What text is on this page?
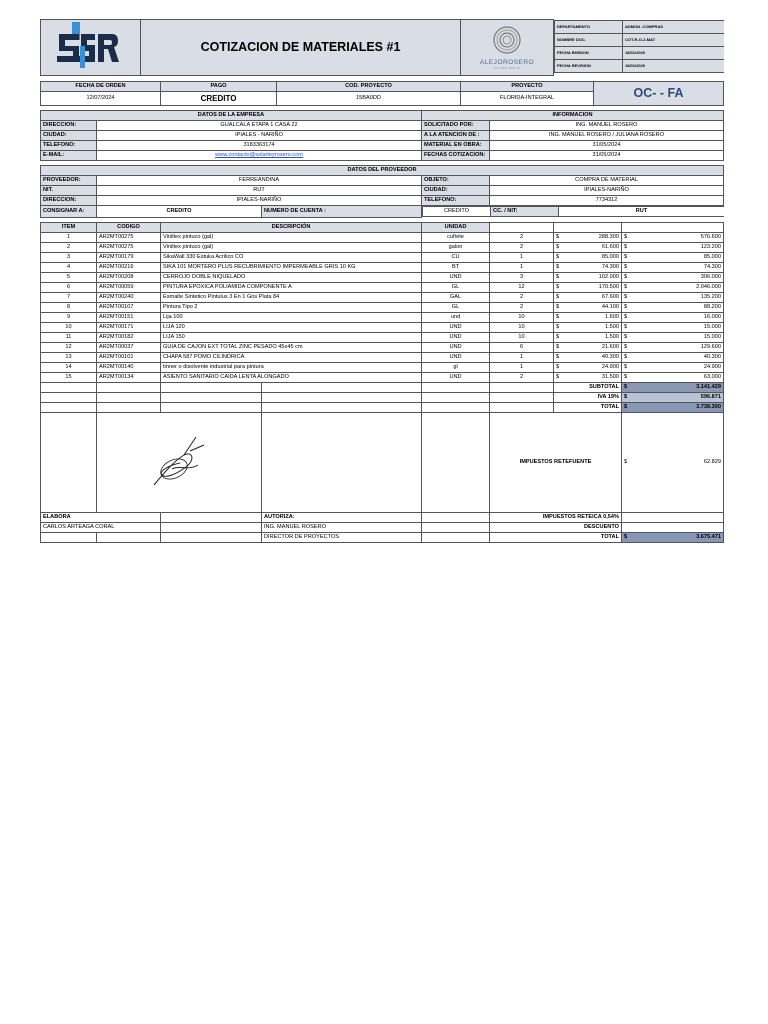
	COTIZACION DE MATERIALES #1	
ALEJOROSERO
INGENIERIA

DEPARTAMENTO	ADMON -COMPRAS
NOMBRE DOC.	COT-R-O-2-MAT
FECHA EMISION	18/01/2020
FECHA REVISION	18/01/2020
FECHA DE ORDEN	PAGO	COD. PROYECTO	PROYECTO	OC- - FA
12/07/2024	CREDITO	15BA0DD	FLORIDA-INTEGRAL	
DATOS DE LA EMPRESA		INFORMACION	
DIRECCION:	GUALCALA ETAPA 1 CASA 22	SOLICITADO POR:	ING. MANUEL ROSERO
CIUDAD:	IPIALES - NARIÑO	A LA ATENCION DE :	ING. MANUEL ROSERO / JULIANA ROSERO
TELEFONO:	3183363174	MATERIAL EN OBRA:	31/05/2024
E-MAIL:	www.contacto@solarteyrosero.com	FECHAS COTIZACION:	31/05/2024
DATOS DEL PROVEEDOR
PROVEEDOR:	FERREANDINA	OBJETO:	COMPRA DE MATERIAL
NIT.	RUT	CIUDAD:	IPIALES-NARIÑO
DIRECCION:	IPIALES-NARIÑO	TELEFONO:	7734312
CONSIGNAR A:	CREDITO	NUMERO DE CUENTA :		CREDITO	CC. / NIT:	RUT
ITEM	CODIGO	DESCRIPCIÓN		UNIDAD			
1	AR2MT00275	Viniltex pintuco (gal)		cuñete	2	$ 288.300	$ 576.600

2	AR2MT00275	Viniltex pintuco (gal)		galon	2	$ 61.600	$ 123.200

3	AR2MT00179	SikaWall 330 Estuka Acrilico CO		CU	1	$ 85.000	$ 85.000

4	AR2MT00216	SIKA 101 MORTERO PLUS RECUBRIMIENTO IMPERMEABLE GRIS 10 KG		BT	1	$ 74.300	$ 74.300

5	AR2MT00208	CERROJO DOBLE NIQUELADO		UND	3	$ 102.000	$ 306.000

6	AR2MT00059	PINTURA EPOXICA POLIAMIDA COMPONENTE A		GL	12	$ 170.500	$ 2.046.000

7	AR2MT00240	Esmalte Sintetico Pintulux 3 En 1 Gris Plata 84		GAL	2	$ 67.600	$ 135.200

8	AR2MT00107	Pintura Tipo 2		GL	2	$ 44.100	$ 88.200

9	AR2MT00151	Lija 100		und	10	$ 1.600	$ 16.000

10	AR2MT00171	LIJA 120		UND	10	$ 1.500	$ 15.000

11	AR2MT00182	LIJA 150		UND	10	$ 1.500	$ 15.000

12	AR2MT00037	GUIA DE CAJON EXT TOTAL ZINC PESADO 45x45 cm		UND	6	$ 21.600	$ 129.600

13	AR2MT00101	CHAPA 587 POMO CILINDRICA		UND	1	$ 40.300	$ 40.300

14	AR2MT00140	tinner o disolvente industrial para pintura		gl	1	$ 24.900	$ 24.900

15	AR2MT00134	ASIENTO SANITARIO CAIDA LENTA ALONGADO		UND	2	$ 31.500	$ 63.000

						SUBTOTAL	$ 3.141.429

						IVA 19%	$ 596.871

						TOTAL	$ 3.738.300

				IMPUESTOS RETEFUENTE		$ 62.829

ELABORA			AUTORIZA:		IMPUESTOS RETEICA 0,54%		
CARLOS ARTEAGA CORAL			ING. MANUEL ROSERO		DESCUENTO		
			DIRECTOR DE PROYECTOS		TOTAL		$ 3.675.471
